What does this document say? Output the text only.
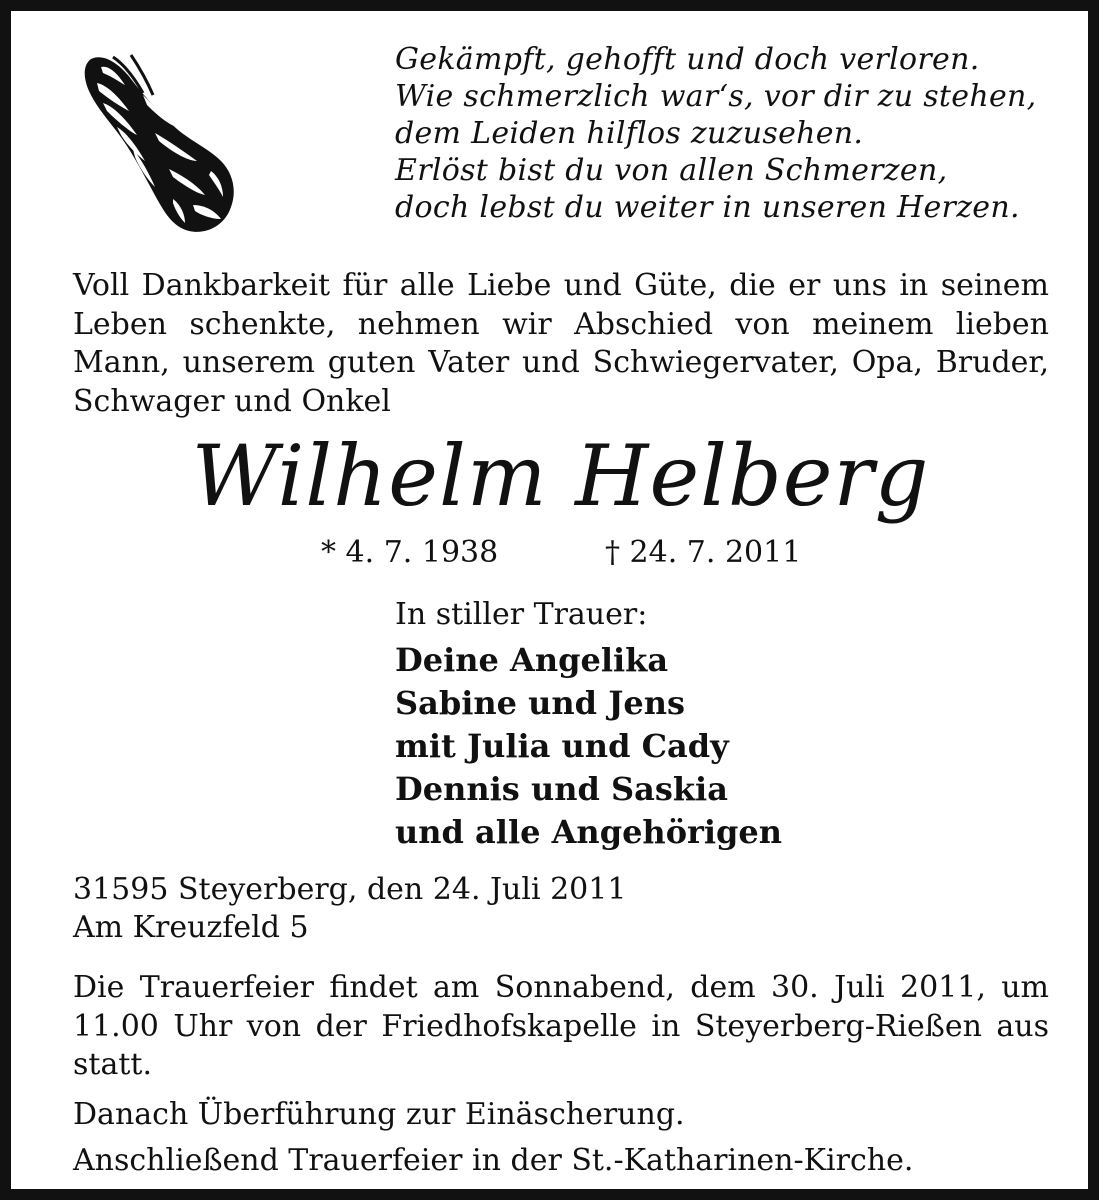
Gekämpft, gehofft und doch verloren.
Wie schmerzlich war‘s, vor dir zu stehen,
dem Leiden hilflos zuzusehen.
Erlöst bist du von allen Schmerzen,
doch lebst du weiter in unseren Herzen.
Voll Dankbarkeit für alle Liebe und Güte, die er uns in seinem
Leben schenkte, nehmen wir Abschied von meinem lieben
Mann, unserem guten Vater und Schwiegervater, Opa, Bruder,
Schwager und Onkel
Wilhelm Helberg
* 4. 7. 1938	† 24. 7. 2011
In stiller Trauer:
Deine Angelika
Sabine und Jens
mit Julia und Cady
Dennis und Saskia
und alle Angehörigen
31595 Steyerberg, den 24. Juli 2011
Am Kreuzfeld 5
Die Trauerfeier findet am Sonnabend, dem 30. Juli 2011, um
11.00 Uhr von der Friedhofskapelle in Steyerberg-Rießen aus
statt.
Danach Überführung zur Einäscherung.
Anschließend Trauerfeier in der St.-Katharinen-Kirche.
